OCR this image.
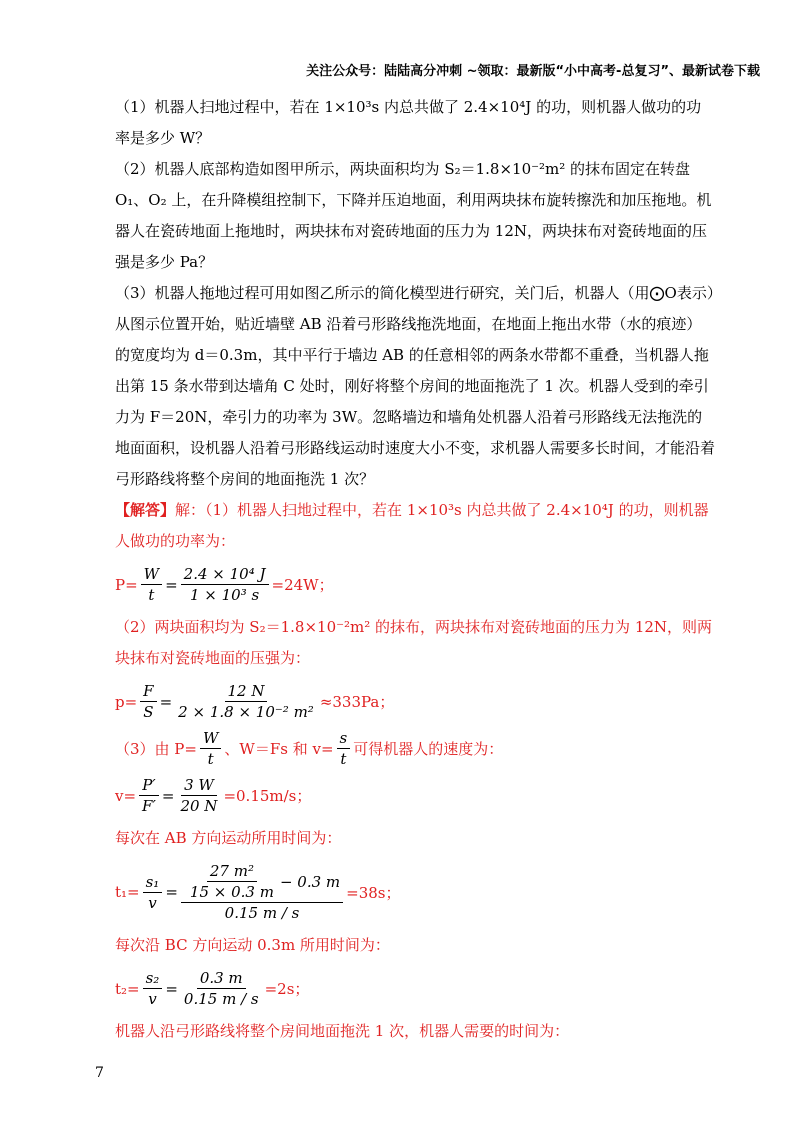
关注公众号：陆陆高分冲刺 ~领取：最新版“小中高考-总复习”、最新试卷下载

（1）机器人扫地过程中，若在 1×10³s 内总共做了 2.4×10⁴J 的功，则机器人做功的功率是多少 W？

（2）机器人底部构造如图甲所示，两块面积均为 S₂＝1.8×10⁻²m² 的抹布固定在转盘 O₁、O₂ 上，在升降模组控制下，下降并压迫地面，利用两块抹布旋转擦洗和加压拖地。机器人在瓷砖地面上拖地时，两块抹布对瓷砖地面的压力为 12N，两块抹布对瓷砖地面的压强是多少 Pa？

（3）机器人拖地过程可用如图乙所示的简化模型进行研究，关门后，机器人（用⨀O表示）从图示位置开始，贴近墙壁 AB 沿着弓形路线拖洗地面，在地面上拖出水带（水的痕迹）的宽度均为 d＝0.3m，其中平行于墙边 AB 的任意相邻的两条水带都不重叠，当机器人拖出第 15 条水带到达墙角 C 处时，刚好将整个房间的地面拖洗了 1 次。机器人受到的牵引力为 F＝20N，牵引力的功率为 3W。忽略墙边和墙角处机器人沿着弓形路线无法拖洗的地面面积，设机器人沿着弓形路线运动时速度大小不变，求机器人需要多长时间，才能沿着弓形路线将整个房间的地面拖洗 1 次？

【解答】解：（1）机器人扫地过程中，若在 1×10³s 内总共做了 2.4×10⁴J 的功，则机器人做功的功率为：

$P= \frac{W}{t} = \frac{\text{2.4 × 10⁴ J}}{\text{1 × 10³ s}} =24W$；

（2）两块面积均为 S₂＝1.8×10⁻²m² 的抹布，两块抹布对瓷砖地面的压力为 12N，则两块抹布对瓷砖地面的压强为：

$p= \frac{F}{S} = \frac{12 N}{\text{2 × 1.8 × 10⁻² m²}} \approx 333Pa$；
（3）由 $P= \frac{W}{t}$ 、W＝Fs 和 $v= \frac{s}{t}$ 可得机器人的速度为：
$v= \frac{P'}{F'} = \frac{3 W}{20 N} =0.15m/s$；

每次在 AB 方向运动所用时间为：

$t_1= \frac{\text{s₁}}{v} = \frac{\frac{\text{27 m²}}{15 \times 0.3 m} - 0.3 m}{0.15 m / s} =38s$；

每次沿 BC 方向运动 0.3m 所用时间为：

$t_2= \frac{\text{s₂}}{v} = \frac{0.3 m}{0.15 m / s} =2s$；

机器人沿弓形路线将整个房间地面拖洗 1 次，机器人需要的时间为：

7
